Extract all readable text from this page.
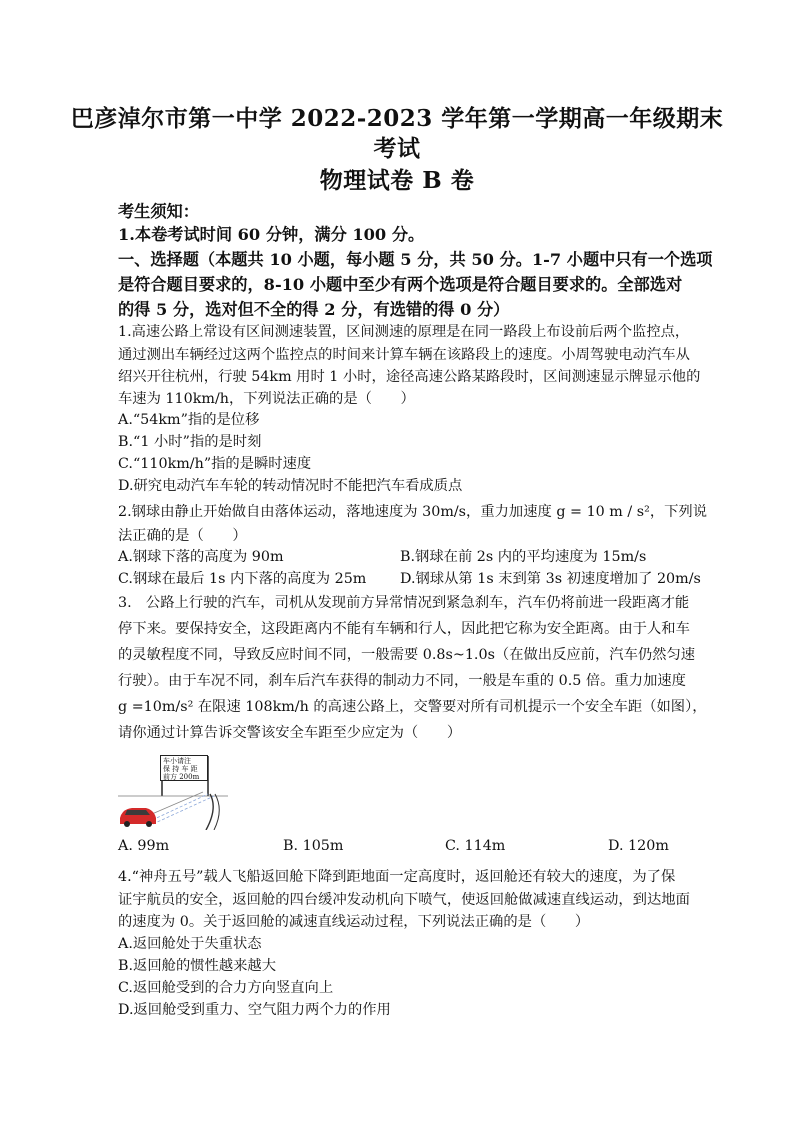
巴彦淖尔市第一中学 2022-2023 学年第一学期高一年级期末
考试
物理试卷 B 卷
考生须知：
1.本卷考试时间 60 分钟，满分 100 分。
一、选择题（本题共 10 小题，每小题 5 分，共 50 分。1-7 小题中只有一个选项
是符合题目要求的，8-10 小题中至少有两个选项是符合题目要求的。全部选对
的得 5 分，选对但不全的得 2 分，有选错的得 0 分）
1.高速公路上常设有区间测速装置，区间测速的原理是在同一路段上布设前后两个监控点，
通过测出车辆经过这两个监控点的时间来计算车辆在该路段上的速度。小周驾驶电动汽车从
绍兴开往杭州，行驶 54km 用时 1 小时，途径高速公路某路段时，区间测速显示牌显示他的
车速为 110km/h，下列说法正确的是（　　）
A.“54km”指的是位移
B.“1 小时”指的是时刻
C.“110km/h”指的是瞬时速度
D.研究电动汽车车轮的转动情况时不能把汽车看成质点
2.钢球由静止开始做自由落体运动，落地速度为 30m/s，重力加速度 g = 10 m / s²，下列说
法正确的是（　　）
A.钢球下落的高度为 90m	B.钢球在前 2s 内的平均速度为 15m/s
C.钢球在最后 1s 内下落的高度为 25m D.钢球从第 1s 末到第 3s 初速度增加了 20m/s
3.　公路上行驶的汽车，司机从发现前方异常情况到紧急刹车，汽车仍将前进一段距离才能
停下来。要保持安全，这段距离内不能有车辆和行人，因此把它称为安全距离。由于人和车
的灵敏程度不同，导致反应时间不同，一般需要 0.8s~1.0s（在做出反应前，汽车仍然匀速
行驶）。由于车况不同，刹车后汽车获得的制动力不同，一般是车重的 0.5 倍。重力加速度
g =10m/s² 在限速 108km/h 的高速公路上，交警要对所有司机提示一个安全车距（如图），
请你通过计算告诉交警该安全车距至少应定为（　　）
车小请注
保 持 车 距
前方 200m
A. 99m	B. 105m	C. 114m	D. 120m
4.“神舟五号”载人飞船返回舱下降到距地面一定高度时，返回舱还有较大的速度，为了保
证宇航员的安全，返回舱的四台缓冲发动机向下喷气，使返回舱做减速直线运动，到达地面
的速度为 0。关于返回舱的减速直线运动过程，下列说法正确的是（　　）
A.返回舱处于失重状态
B.返回舱的惯性越来越大
C.返回舱受到的合力方向竖直向上
D.返回舱受到重力、空气阻力两个力的作用
